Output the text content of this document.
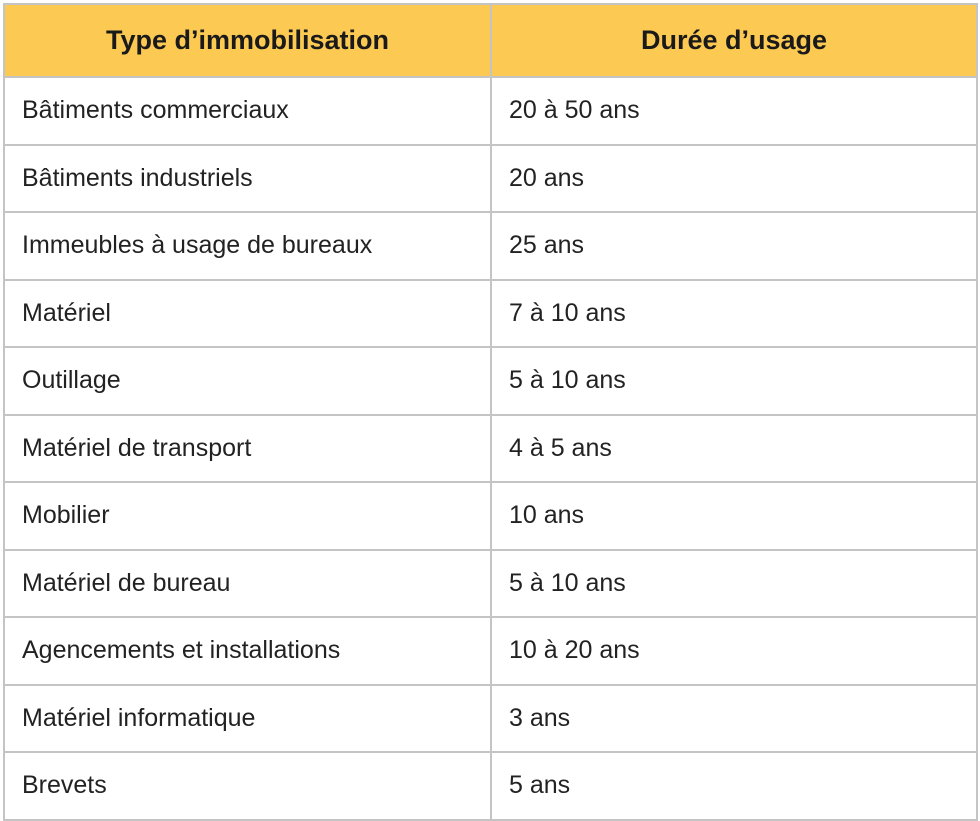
Type d’immobilisation	Durée d’usage
Bâtiments commerciaux	20 à 50 ans
Bâtiments industriels	20 ans
Immeubles à usage de bureaux	25 ans
Matériel	7 à 10 ans
Outillage	5 à 10 ans
Matériel de transport	4 à 5 ans
Mobilier	10 ans
Matériel de bureau	5 à 10 ans
Agencements et installations	10 à 20 ans
Matériel informatique	3 ans
Brevets	5 ans
